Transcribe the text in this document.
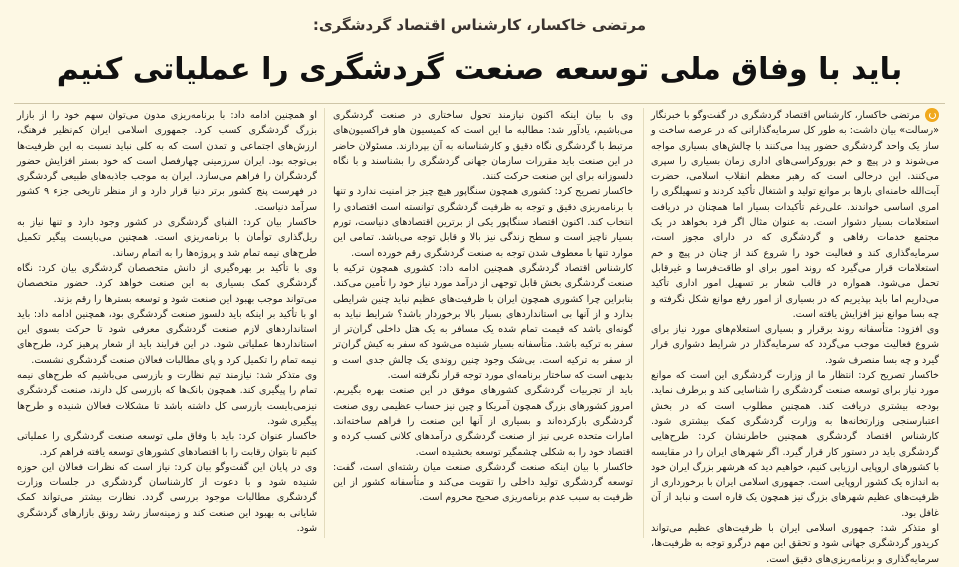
مرتضی خاکسار، کارشناس اقتصاد گردشگری:
باید با وفاق ملی توسعه صنعت گردشگری را عملیاتی کنیم

مرتضی خاکسار، کارشناس اقتصاد گردشگری در گفت‌وگو با خبرنگار «رسالت» بیان داشت: به طور کل سرمایه‌گذارانی که در عرصه ساخت و ساز یک واحد گردشگری حضور پیدا می‌کنند با چالش‌های بسیاری مواجه می‌شوند و در پیچ و خم بوروکراسی‌های اداری زمان بسیاری را سپری می‌کنند. این درحالی است که رهبر معظم انقلاب اسلامی، حضرت آیت‌الله خامنه‌ای بارها بر موانع تولید و اشتغال تأکید کردند و تسهیلگری را امری اساسی خواندند. علی‌رغم تأکیدات بسیار اما همچنان در دریافت استعلامات بسیار دشوار است. به عنوان مثال اگر فرد بخواهد در یک مجتمع خدمات رفاهی و گردشگری که در دارای مجوز است، سرمایه‌گذاری کند و فعالیت خود را شروع کند از چنان در پیچ و خم استعلامات قرار می‌گیرد که روند امور برای او طاقت‌فرسا و غیرقابل تحمل می‌شود. همواره در قالب شعار بر تسهیل امور اداری تأکید می‌داریم اما باید بپذیریم که در بسیاری از امور رفع موانع شکل نگرفته و چه بسا موانع نیز افزایش یافته است.

وی افزود: متأسفانه روند برقرار و بسیاری استعلام‌های مورد نیاز برای شروع فعالیت موجب می‌گردد که سرمایه‌گذار در شرایط دشواری قرار گیرد و چه بسا منصرف شود.

خاکسار تصریح کرد: انتظار ما از وزارت گردشگری این است که موانع مورد نیاز برای توسعه صنعت گردشگری را شناسایی کند و برطرف نماید. بودجه بیشتری دریافت کند. همچنین مطلوب است که در بخش اعتبارسنجی وزارتخانه‌ها به وزارت گردشگری کمک بیشتری شود. کارشناس اقتصاد گردشگری همچنین خاطرنشان کرد: طرح‌هایی گردشگری باید در دستور کار قرار گیرد. اگر شهرهای ایران را در مقایسه با کشورهای اروپایی ارزیابی کنیم، خواهیم دید که هرشهر بزرگ ایران خود به اندازه یک کشور اروپایی است. جمهوری اسلامی ایران با برخورداری از ظرفیت‌های عظیم شهرهای بزرگ نیز همچون یک قاره است و نباید از آن غافل بود.

او متذکر شد: جمهوری اسلامی ایران با ظرفیت‌های عظیم می‌تواند کریدور گردشگری جهانی شود و تحقق این مهم درگرو توجه به ظرفیت‌ها، سرمایه‌گذاری و برنامه‌ریزی‌های دقیق است.

وی با بیان اینکه اکنون نیازمند تحول ساختاری در صنعت گردشگری می‌باشیم، یادآور شد: مطالبه ما این است که کمیسیون هاو فراکسیون‌های مرتبط با گردشگری نگاه دقیق و کارشناسانه به آن بپردازند. مسئولان حاضر در این صنعت باید مقررات سازمان جهانی گردشگری را بشناسند و با نگاه دلسوزانه برای این صنعت حرکت کنند.

خاکسار تصریح کرد: کشوری همچون سنگاپور هیچ چیز جز امنیت ندارد و تنها با برنامه‌ریزی دقیق و توجه به ظرفیت گردشگری توانسته است اقتصادی را انتخاب کند. اکنون اقتصاد سنگاپور یکی از برترین اقتصادهای دنیاست، تورم بسیار ناچیز است و سطح زندگی نیز بالا و قابل توجه می‌باشد. تمامی این موارد تنها با معطوف شدن توجه به صنعت گردشگری رقم خورده است.

کارشناس اقتصاد گردشگری همچنین ادامه داد: کشوری همچون ترکیه با صنعت گردشگری بخش قابل توجهی از درآمد مورد نیاز خود را تأمین می‌کند. بنابراین چرا کشوری همچون ایران با ظرفیت‌های عظیم نباید چنین شرایطی بدارد و از آنها بی استانداردهای بسیار بالا برخوردار باشد؟ شرایط نباید به گونه‌ای باشد که قیمت تمام شده یک مسافر به یک هتل داخلی گران‌تر از سفر به ترکیه باشد. متأسفانه بسیار شنیده می‌شود که سفر به کیش گران‌تر از سفر به ترکیه است. بی‌شک وجود چنین روندی یک چالش جدی است و بدیهی است که ساختار برنامه‌ای مورد توجه قرار نگرفته است.

باید از تجربیات گردشگری کشورهای موفق در این صنعت بهره بگیریم. امروز کشورهای بزرگ همچون آمریکا و چین نیز حساب عظیمی روی صنعت گردشگری بازکرده‌اند و بسیاری از آنها این صنعت را فراهم ساخته‌اند. امارات متحده عربی نیز از صنعت گردشگری درآمدهای کلانی کسب کرده و اقتصاد خود را به شکلی چشمگیر توسعه بخشیده است.

خاکسار با بیان اینکه صنعت گردشگری صنعت میان رشته‌ای است، گفت: توسعه گردشگری تولید داخلی را تقویت می‌کند و متأسفانه کشور از این ظرفیت به سبب عدم برنامه‌ریزی صحیح محروم است.

او همچنین ادامه داد: با برنامه‌ریزی مدون می‌توان سهم خود را از بازار بزرگ گردشگری کسب کرد. جمهوری اسلامی ایران کم‌نظیر فرهنگ، ارزش‌های اجتماعی و تمدن است که به کلی نباید نسبت به این ظرفیت‌ها بی‌توجه بود. ایران سرزمینی چهارفصل است که خود بستر افزایش حضور گردشگران را فراهم می‌سازد. ایران به موجب جاذبه‌های طبیعی گردشگری در فهرست پنج کشور برتر دنیا قرار دارد و از منظر تاریخی جزء ۹ کشور سرآمد دنیاست.

خاکسار بیان کرد: الفبای گردشگری در کشور وجود دارد و تنها نیاز به ریل‌گذاری توأمان با برنامه‌ریزی است. همچنین می‌بایست پیگیر تکمیل طرح‌های نیمه تمام شد و پروژه‌ها را به اتمام رساند.

وی با تأکید بر بهره‌گیری از دانش متخصصان گردشگری بیان کرد: نگاه گردشگری کمک بسیاری به این صنعت خواهد کرد. حضور متخصصان می‌تواند موجب بهبود این صنعت شود و توسعه بسترها را رقم بزند.

او با تأکید بر اینکه باید دلسوز صنعت گردشگری بود، همچنین ادامه داد: باید استانداردهای لازم صنعت گردشگری معرفی شود تا حرکت بسوی این استانداردها عملیاتی شود. در این فرایند باید از شعار پرهیز کرد، طرح‌های نیمه تمام را تکمیل کرد و پای مطالبات فعالان صنعت گردشگری نشست.

وی متذکر شد: نیازمند تیم نظارت و بازرسی می‌باشیم که طرح‌های نیمه تمام را پیگیری کند. همچون بانک‌ها که بازرسی کل دارند، صنعت گردشگری نیزمی‌بایست بازرسی کل داشته باشد تا مشکلات فعالان شنیده و طرح‌ها پیگیری شود.

خاکسار عنوان کرد: باید با وفاق ملی توسعه صنعت گردشگری را عملیاتی کنیم تا بتوان رقابت را با اقتصادهای کشورهای توسعه یافته فراهم کرد.

وی در پایان این گفت‌وگو بیان کرد: نیاز است که نظرات فعالان این حوزه شنیده شود و با دعوت از کارشناسان گردشگری در جلسات وزارت گردشگری مطالبات موجود بررسی گردد. نظارت بیشتر می‌تواند کمک شایانی به بهبود این صنعت کند و زمینه‌ساز رشد رونق بازارهای گردشگری شود.
